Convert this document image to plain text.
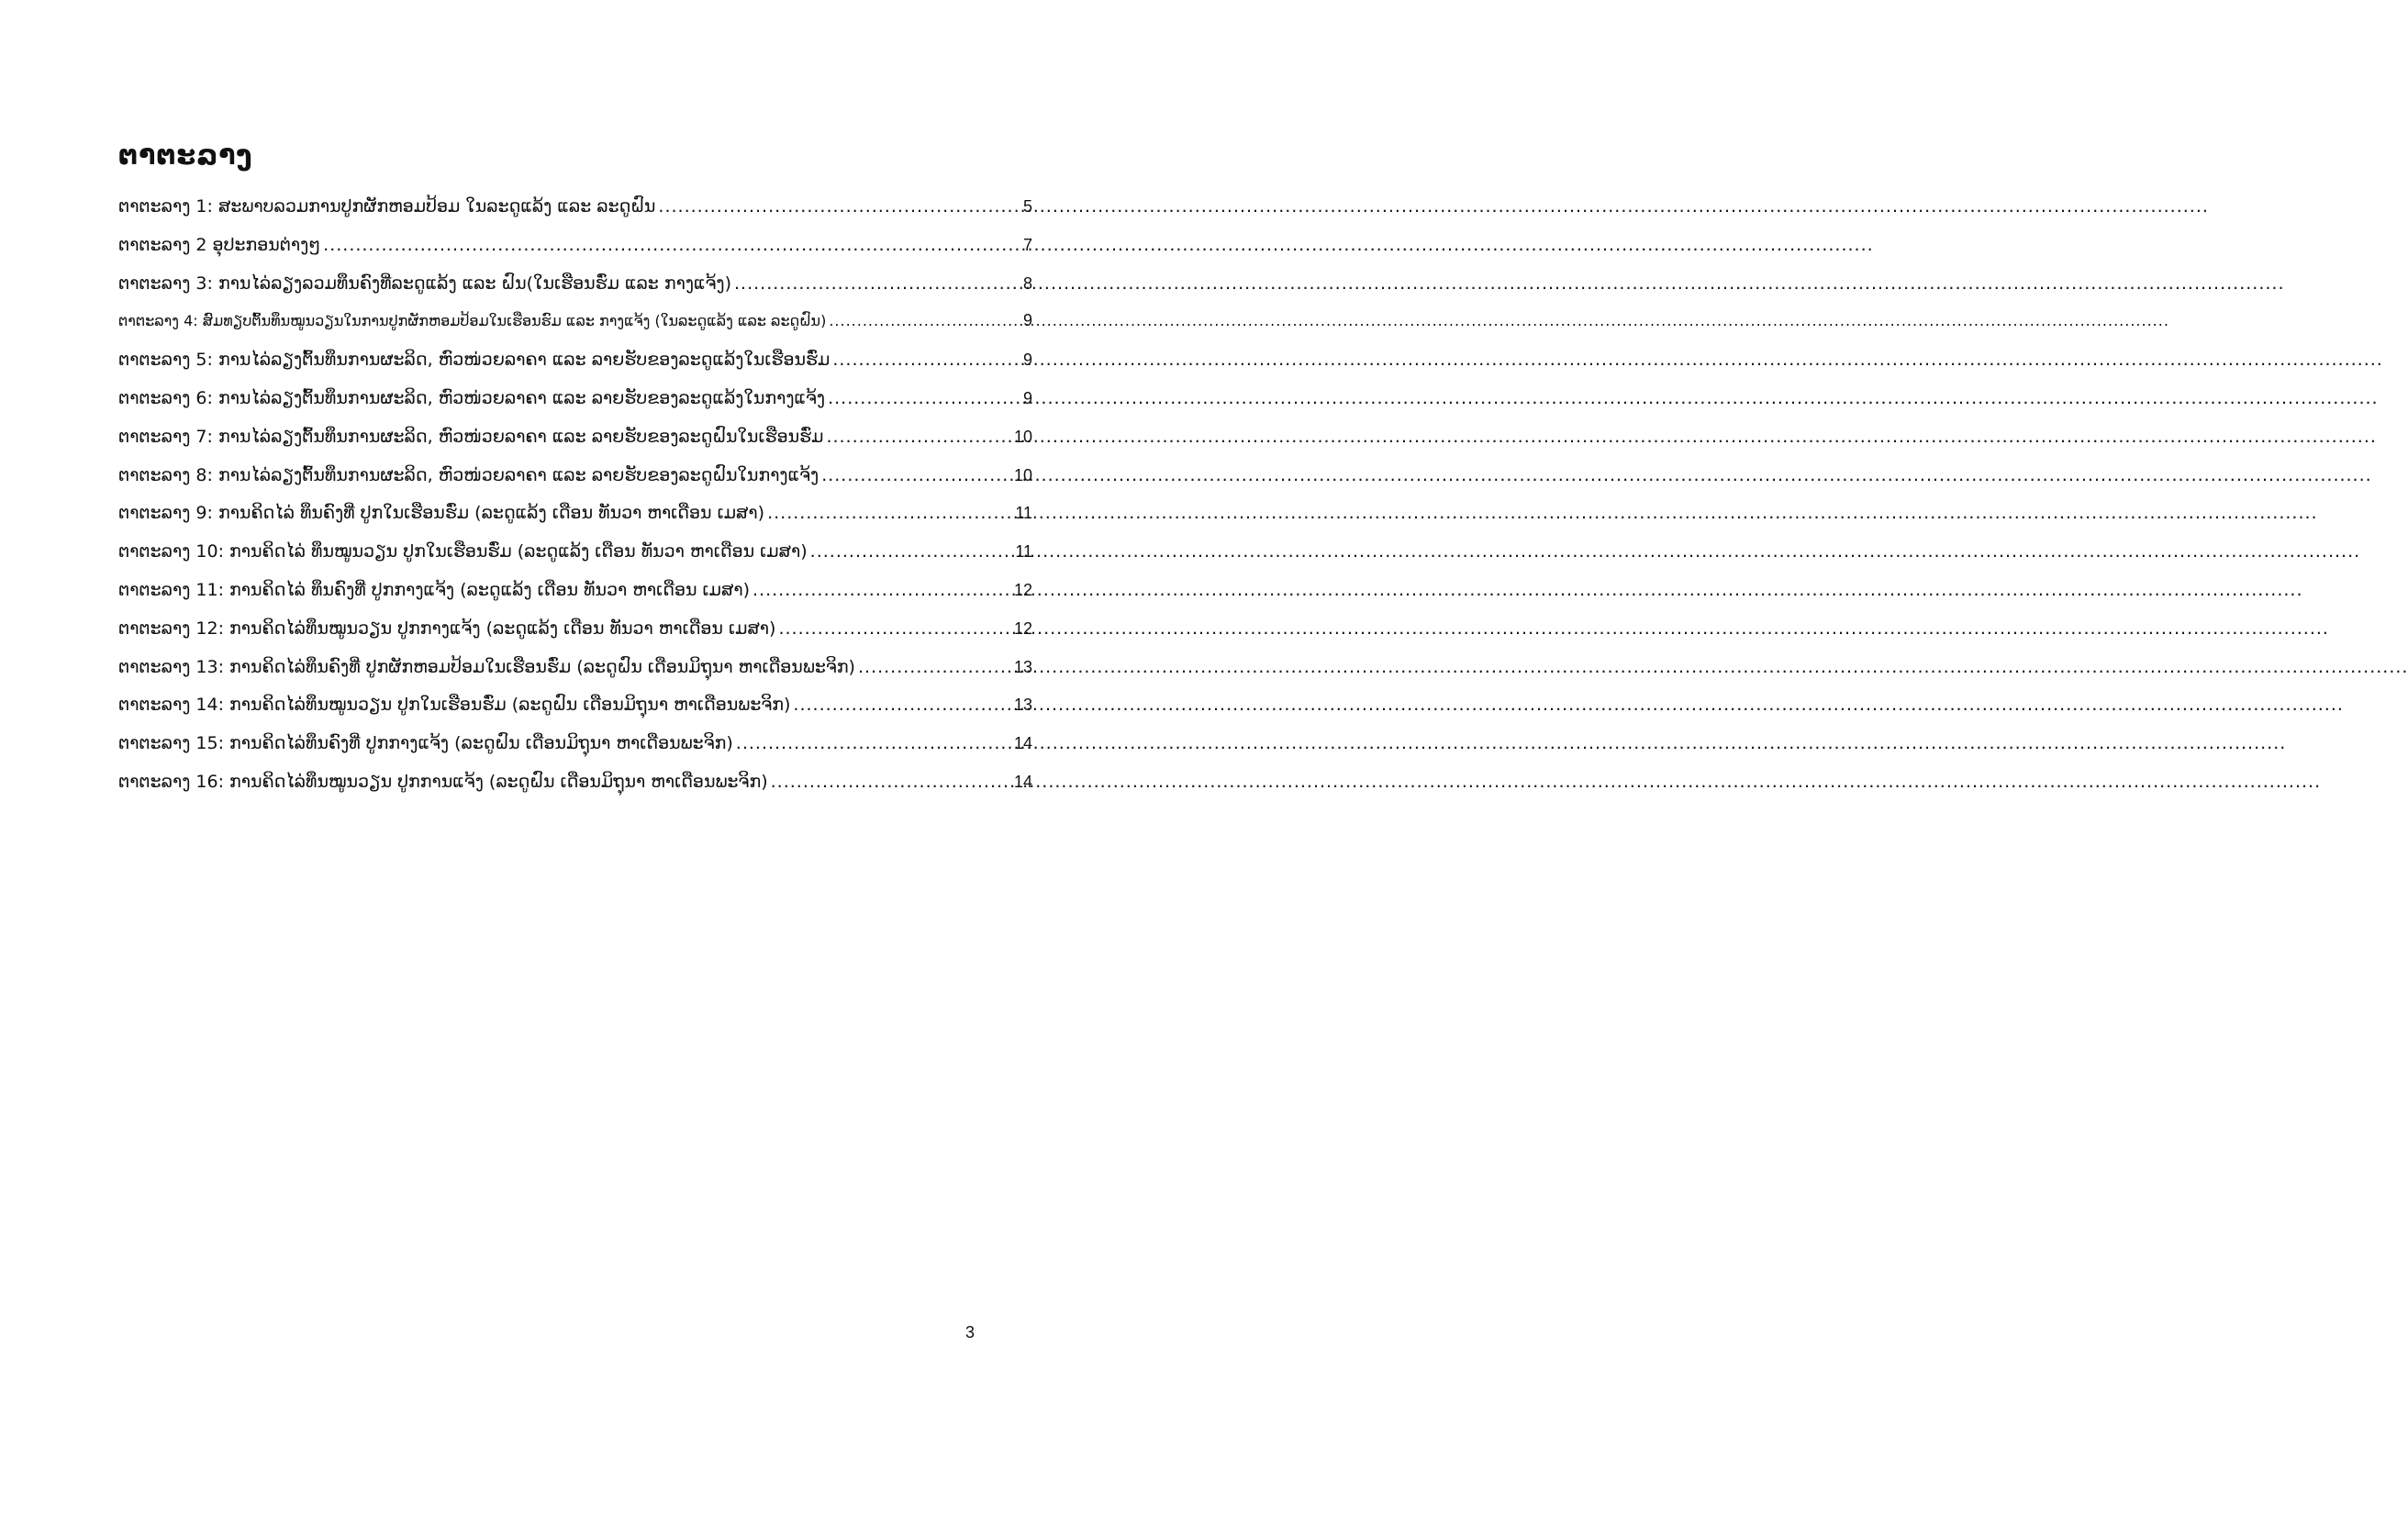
ຕາຕະລາງ
ຕາຕະລາງ 1: ສະພາບລວມການປູກຜັກຫອມປ້ອມ ໃນລະດູແລ້ງ ແລະ ລະດູຝົນ .....	5
ຕາຕະລາງ 2 ອຸປະກອນຕ່າງໆ .....	7
ຕາຕະລາງ 3: ການໄລ່ລຽງລວມທຶນຄົງທີ່ລະດູແລ້ງ ແລະ ຝົນ(ໃນເຮືອນຮົ່ມ ແລະ ກາງແຈ້ງ) .....	8
ຕາຕະລາງ 4: ສົມທຽບຕົ້ນທຶນໝູນວຽນໃນການປູກຜັກຫອມປ້ອມໃນເຮືອນຮົມ ແລະ ກາງແຈ້ງ (ໃນລະດູແລ້ງ ແລະ ລະດູຝົນ) .....	9
ຕາຕະລາງ 5: ການໄລ່ລຽງຕົ້ນທຶນການຜະລິດ, ຫົວໜ່ວຍລາຄາ ແລະ ລາຍຮັບຂອງລະດູແລ້ງໃນເຮືອນຮົ່ມ .....	9
ຕາຕະລາງ 6: ການໄລ່ລຽງຕົ້ນທຶນການຜະລິດ, ຫົວໜ່ວຍລາຄາ ແລະ ລາຍຮັບຂອງລະດູແລ້ງໃນກາງແຈ້ງ .....	9
ຕາຕະລາງ 7: ການໄລ່ລຽງຕົ້ນທຶນການຜະລິດ, ຫົວໜ່ວຍລາຄາ ແລະ ລາຍຮັບຂອງລະດູຝົນໃນເຮືອນຮົ່ມ .....	10
ຕາຕະລາງ 8: ການໄລ່ລຽງຕົ້ນທຶນການຜະລິດ, ຫົວໜ່ວຍລາຄາ ແລະ ລາຍຮັບຂອງລະດູຝົນໃນກາງແຈ້ງ .....	10
ຕາຕະລາງ 9: ການຄິດໄລ່ ທຶນຄົງທີ່ ປູກໃນເຮືອນຮົ່ມ (ລະດູແລ້ງ ເດືອນ ທັນວາ ຫາເດືອນ ເມສາ) .....	11
ຕາຕະລາງ 10: ການຄິດໄລ່ ທຶນໝູນວຽນ ປູກໃນເຮືອນຮົ່ມ (ລະດູແລ້ງ ເດືອນ ທັນວາ ຫາເດືອນ ເມສາ) .....	11
ຕາຕະລາງ 11: ການຄິດໄລ່ ທຶນຄົງທີ່ ປູກກາງແຈ້ງ (ລະດູແລ້ງ ເດືອນ ທັນວາ ຫາເດືອນ ເມສາ) .....	12
ຕາຕະລາງ 12: ການຄິດໄລ່ທຶນໝູນວຽນ ປູກກາງແຈ້ງ (ລະດູແລ້ງ ເດືອນ ທັນວາ ຫາເດືອນ ເມສາ) .....	12
ຕາຕະລາງ 13: ການຄິດໄລ່ທຶນຄົງທີ່ ປູກຜັກຫອມປ້ອມໃນເຮືອນຮົ່ມ (ລະດູຝົນ ເດືອນມິຖຸນາ ຫາເດືອນພະຈິກ) .....	13
ຕາຕະລາງ 14: ການຄິດໄລ່ທຶນໝູນວຽນ ປູກໃນເຮືອນຮົ່ມ (ລະດູຝົນ ເດືອນມິຖຸນາ ຫາເດືອນພະຈິກ) .....	13
ຕາຕະລາງ 15: ການຄິດໄລ່ທຶນຄົງທີ່ ປູກກາງແຈ້ງ (ລະດູຝົນ ເດືອນມິຖຸນາ ຫາເດືອນພະຈິກ) .....	14
ຕາຕະລາງ 16: ການຄິດໄລ່ທຶນໝູນວຽນ ປູກການແຈ້ງ (ລະດູຝົນ ເດືອນມິຖຸນາ ຫາເດືອນພະຈິກ) .....	14
3
